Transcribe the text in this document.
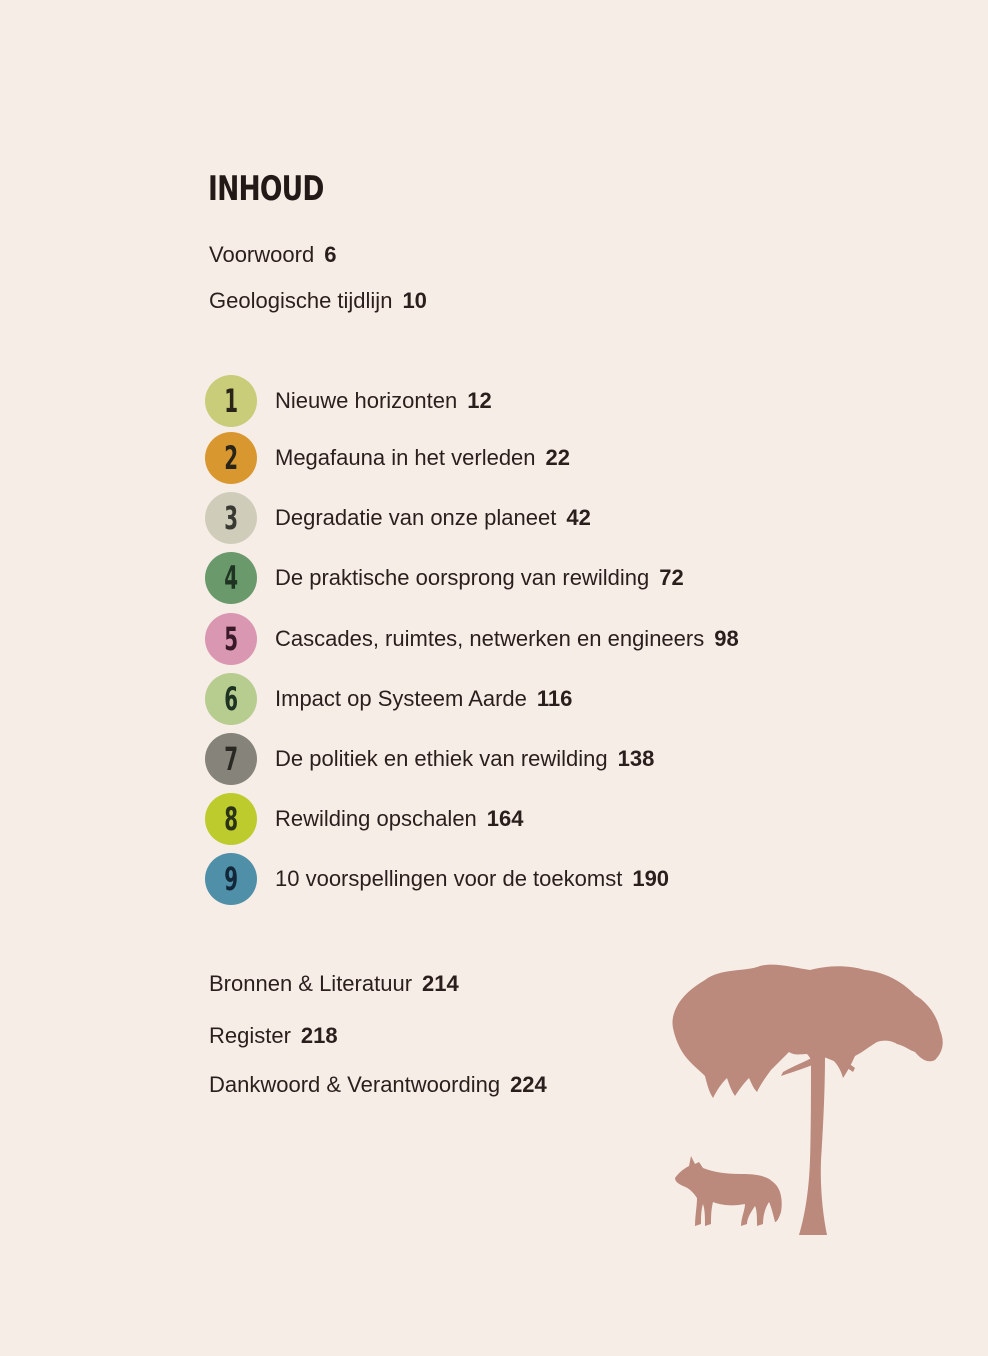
INHOUD
Voorwoord 6
Geologische tijdlijn 10
1 Nieuwe horizonten 12
2 Megafauna in het verleden 22
3 Degradatie van onze planeet 42
4 De praktische oorsprong van rewilding 72
5 Cascades, ruimtes, netwerken en engineers 98
6 Impact op Systeem Aarde 116
7 De politiek en ethiek van rewilding 138
8 Rewilding opschalen 164
9 10 voorspellingen voor de toekomst 190
Bronnen & Literatuur 214
Register 218
Dankwoord & Verantwoording 224
